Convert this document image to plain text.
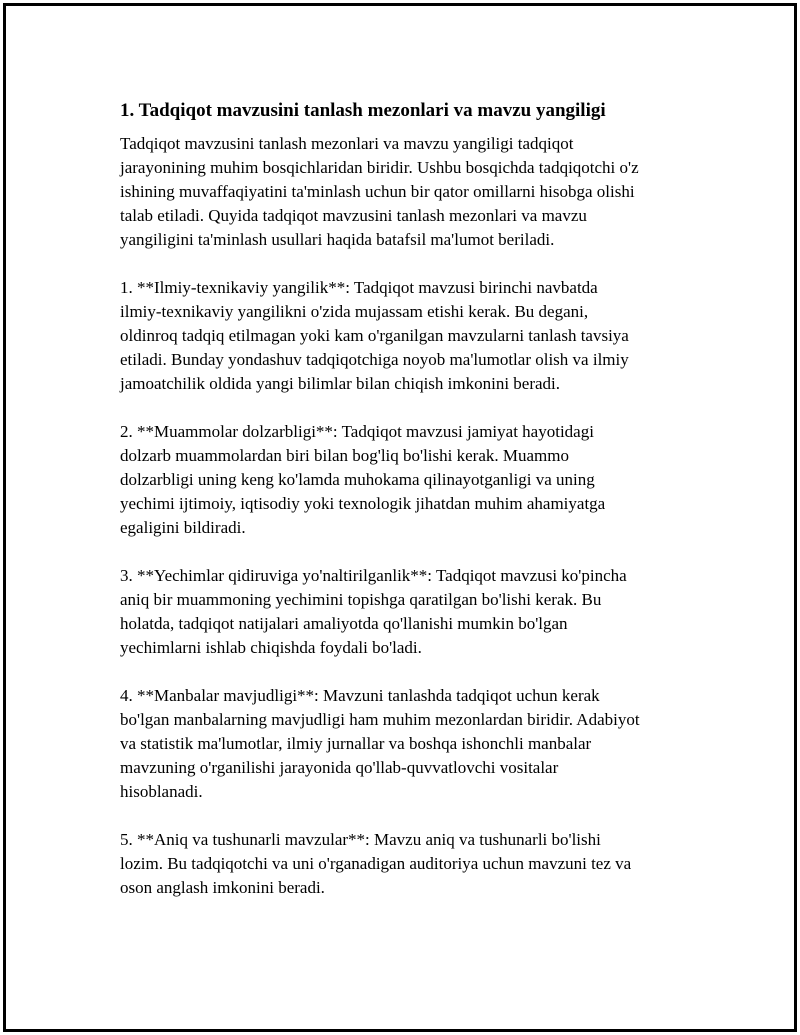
1. Tadqiqot mavzusini tanlash mezonlari va mavzu yangiligi

Tadqiqot mavzusini tanlash mezonlari va mavzu yangiligi tadqiqot
jarayonining muhim bosqichlaridan biridir. Ushbu bosqichda tadqiqotchi o'z
ishining muvaffaqiyatini ta'minlash uchun bir qator omillarni hisobga olishi
talab etiladi. Quyida tadqiqot mavzusini tanlash mezonlari va mavzu
yangiligini ta'minlash usullari haqida batafsil ma'lumot beriladi.

1. **Ilmiy-texnikaviy yangilik**: Tadqiqot mavzusi birinchi navbatda
ilmiy-texnikaviy yangilikni o'zida mujassam etishi kerak. Bu degani,
oldinroq tadqiq etilmagan yoki kam o'rganilgan mavzularni tanlash tavsiya
etiladi. Bunday yondashuv tadqiqotchiga noyob ma'lumotlar olish va ilmiy
jamoatchilik oldida yangi bilimlar bilan chiqish imkonini beradi.

2. **Muammolar dolzarbligi**: Tadqiqot mavzusi jamiyat hayotidagi
dolzarb muammolardan biri bilan bog'liq bo'lishi kerak. Muammo
dolzarbligi uning keng ko'lamda muhokama qilinayotganligi va uning
yechimi ijtimoiy, iqtisodiy yoki texnologik jihatdan muhim ahamiyatga
egaligini bildiradi.

3. **Yechimlar qidiruviga yo'naltirilganlik**: Tadqiqot mavzusi ko'pincha
aniq bir muammoning yechimini topishga qaratilgan bo'lishi kerak. Bu
holatda, tadqiqot natijalari amaliyotda qo'llanishi mumkin bo'lgan
yechimlarni ishlab chiqishda foydali bo'ladi.

4. **Manbalar mavjudligi**: Mavzuni tanlashda tadqiqot uchun kerak
bo'lgan manbalarning mavjudligi ham muhim mezonlardan biridir. Adabiyot
va statistik ma'lumotlar, ilmiy jurnallar va boshqa ishonchli manbalar
mavzuning o'rganilishi jarayonida qo'llab-quvvatlovchi vositalar
hisoblanadi.

5. **Aniq va tushunarli mavzular**: Mavzu aniq va tushunarli bo'lishi
lozim. Bu tadqiqotchi va uni o'rganadigan auditoriya uchun mavzuni tez va
oson anglash imkonini beradi.
